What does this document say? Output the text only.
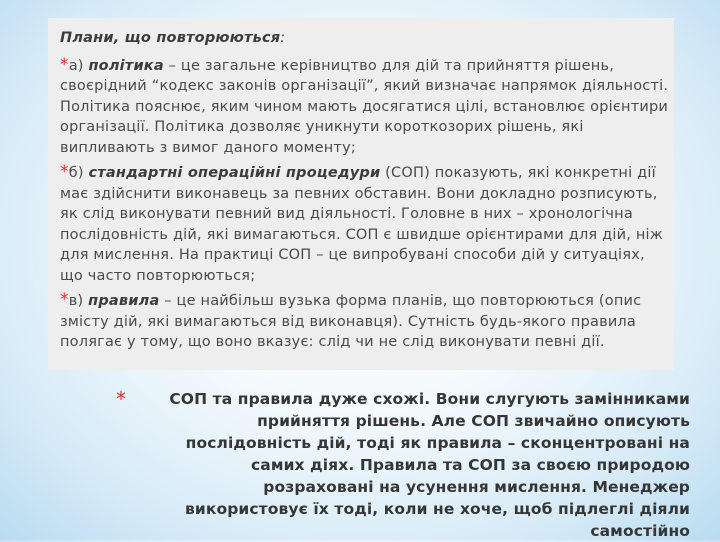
Плани, що повторюються:

*а) політика – це загальне керівництво для дій та прийняття рішень, своєрідний “кодекс законів організації”, який визначає напрямок діяльності. Політика пояснює, яким чином мають досягатися цілі, встановлює орієнтири організації. Політика дозволяє уникнути короткозорих рішень, які випливають з вимог даного моменту;

*б) стандартні операційні процедури (СОП) показують, які конкретні дії має здійснити виконавець за певних обставин. Вони докладно розписують, як слід виконувати певний вид діяльності. Головне в них – хронологічна послідовність дій, які вимагаються. СОП є швидше орієнтирами для дій, ніж для мислення. На практиці СОП – це випробувані способи дій у ситуаціях, що часто повторюються;

*в) правила – це найбільш вузька форма планів, що повторюються (опис змісту дій, які вимагаються від виконавця). Сутність будь-якого правила полягає у тому, що воно вказує: слід чи не слід виконувати певні дії.

*	СОП та правила дуже схожі. Вони слугують замінниками прийняття рішень. Але СОП звичайно описують послідовність дій, тоді як правила – сконцентровані на самих діях. Правила та СОП за своєю природою розраховані на усунення мислення. Менеджер використовує їх тоді, коли не хоче, щоб підлеглі діяли самостійно
